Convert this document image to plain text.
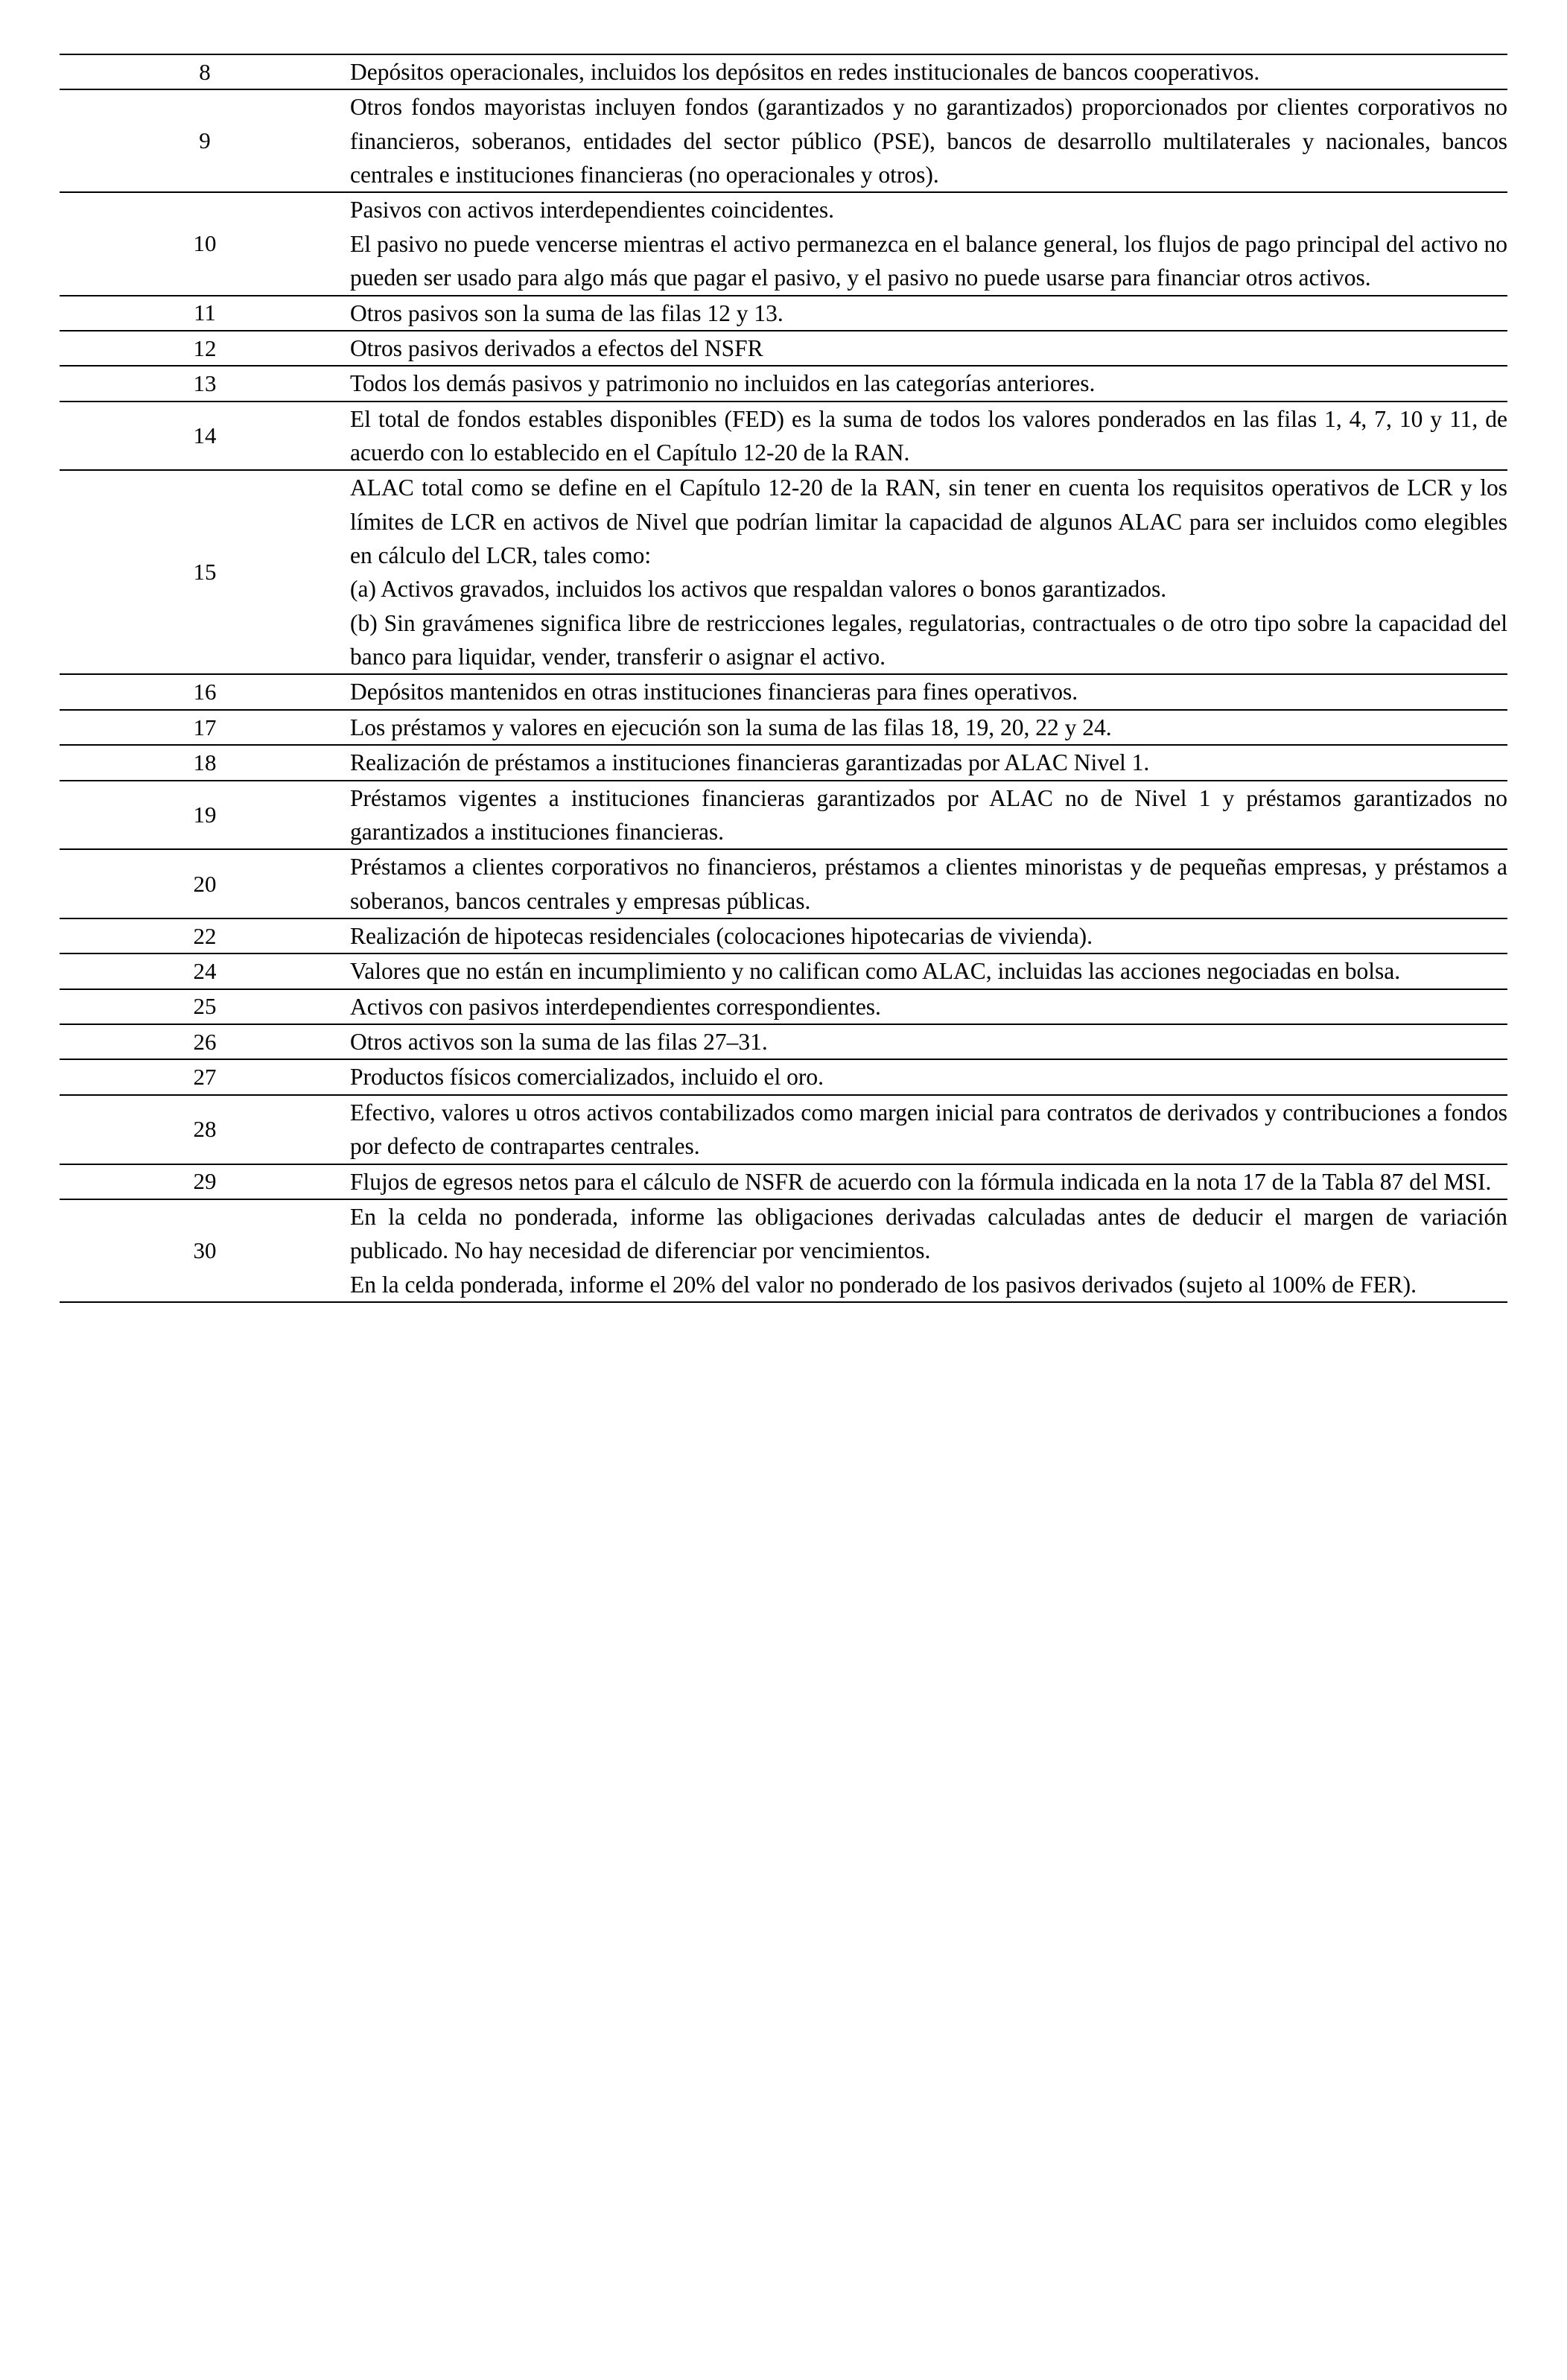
8	Depósitos operacionales, incluidos los depósitos en redes institucionales de bancos cooperativos.

9	Otros fondos mayoristas incluyen fondos (garantizados y no garantizados) proporcionados por clientes corporativos no financieros, soberanos, entidades del sector público (PSE), bancos de desarrollo multilaterales y nacionales, bancos centrales e instituciones financieras (no operacionales y otros).

10	Pasivos con activos interdependientes coincidentes.

El pasivo no puede vencerse mientras el activo permanezca en el balance general, los flujos de pago principal del activo no pueden ser usado para algo más que pagar el pasivo, y el pasivo no puede usarse para financiar otros activos.

11	Otros pasivos son la suma de las filas 12 y 13.

12	Otros pasivos derivados a efectos del NSFR

13	Todos los demás pasivos y patrimonio no incluidos en las categorías anteriores.

14	El total de fondos estables disponibles (FED) es la suma de todos los valores ponderados en las filas 1, 4, 7, 10 y 11, de acuerdo con lo establecido en el Capítulo 12-20 de la RAN.

15	ALAC total como se define en el Capítulo 12-20 de la RAN, sin tener en cuenta los requisitos operativos de LCR y los límites de LCR en activos de Nivel que podrían limitar la capacidad de algunos ALAC para ser incluidos como elegibles en cálculo del LCR, tales como:

(a) Activos gravados, incluidos los activos que respaldan valores o bonos garantizados.

(b) Sin gravámenes significa libre de restricciones legales, regulatorias, contractuales o de otro tipo sobre la capacidad del banco para liquidar, vender, transferir o asignar el activo.

16	Depósitos mantenidos en otras instituciones financieras para fines operativos.

17	Los préstamos y valores en ejecución son la suma de las filas 18, 19, 20, 22 y 24.

18	Realización de préstamos a instituciones financieras garantizadas por ALAC Nivel 1.

19	Préstamos vigentes a instituciones financieras garantizados por ALAC no de Nivel 1 y préstamos garantizados no garantizados a instituciones financieras.

20	Préstamos a clientes corporativos no financieros, préstamos a clientes minoristas y de pequeñas empresas, y préstamos a soberanos, bancos centrales y empresas públicas.

22	Realización de hipotecas residenciales (colocaciones hipotecarias de vivienda).

24	Valores que no están en incumplimiento y no califican como ALAC, incluidas las acciones negociadas en bolsa.

25	Activos con pasivos interdependientes correspondientes.

26	Otros activos son la suma de las filas 27–31.

27	Productos físicos comercializados, incluido el oro.

28	Efectivo, valores u otros activos contabilizados como margen inicial para contratos de derivados y contribuciones a fondos por defecto de contrapartes centrales.

29	Flujos de egresos netos para el cálculo de NSFR de acuerdo con la fórmula indicada en la nota 17 de la Tabla 87 del MSI.

30	En la celda no ponderada, informe las obligaciones derivadas calculadas antes de deducir el margen de variación publicado. No hay necesidad de diferenciar por vencimientos.

En la celda ponderada, informe el 20% del valor no ponderado de los pasivos derivados (sujeto al 100% de FER).
